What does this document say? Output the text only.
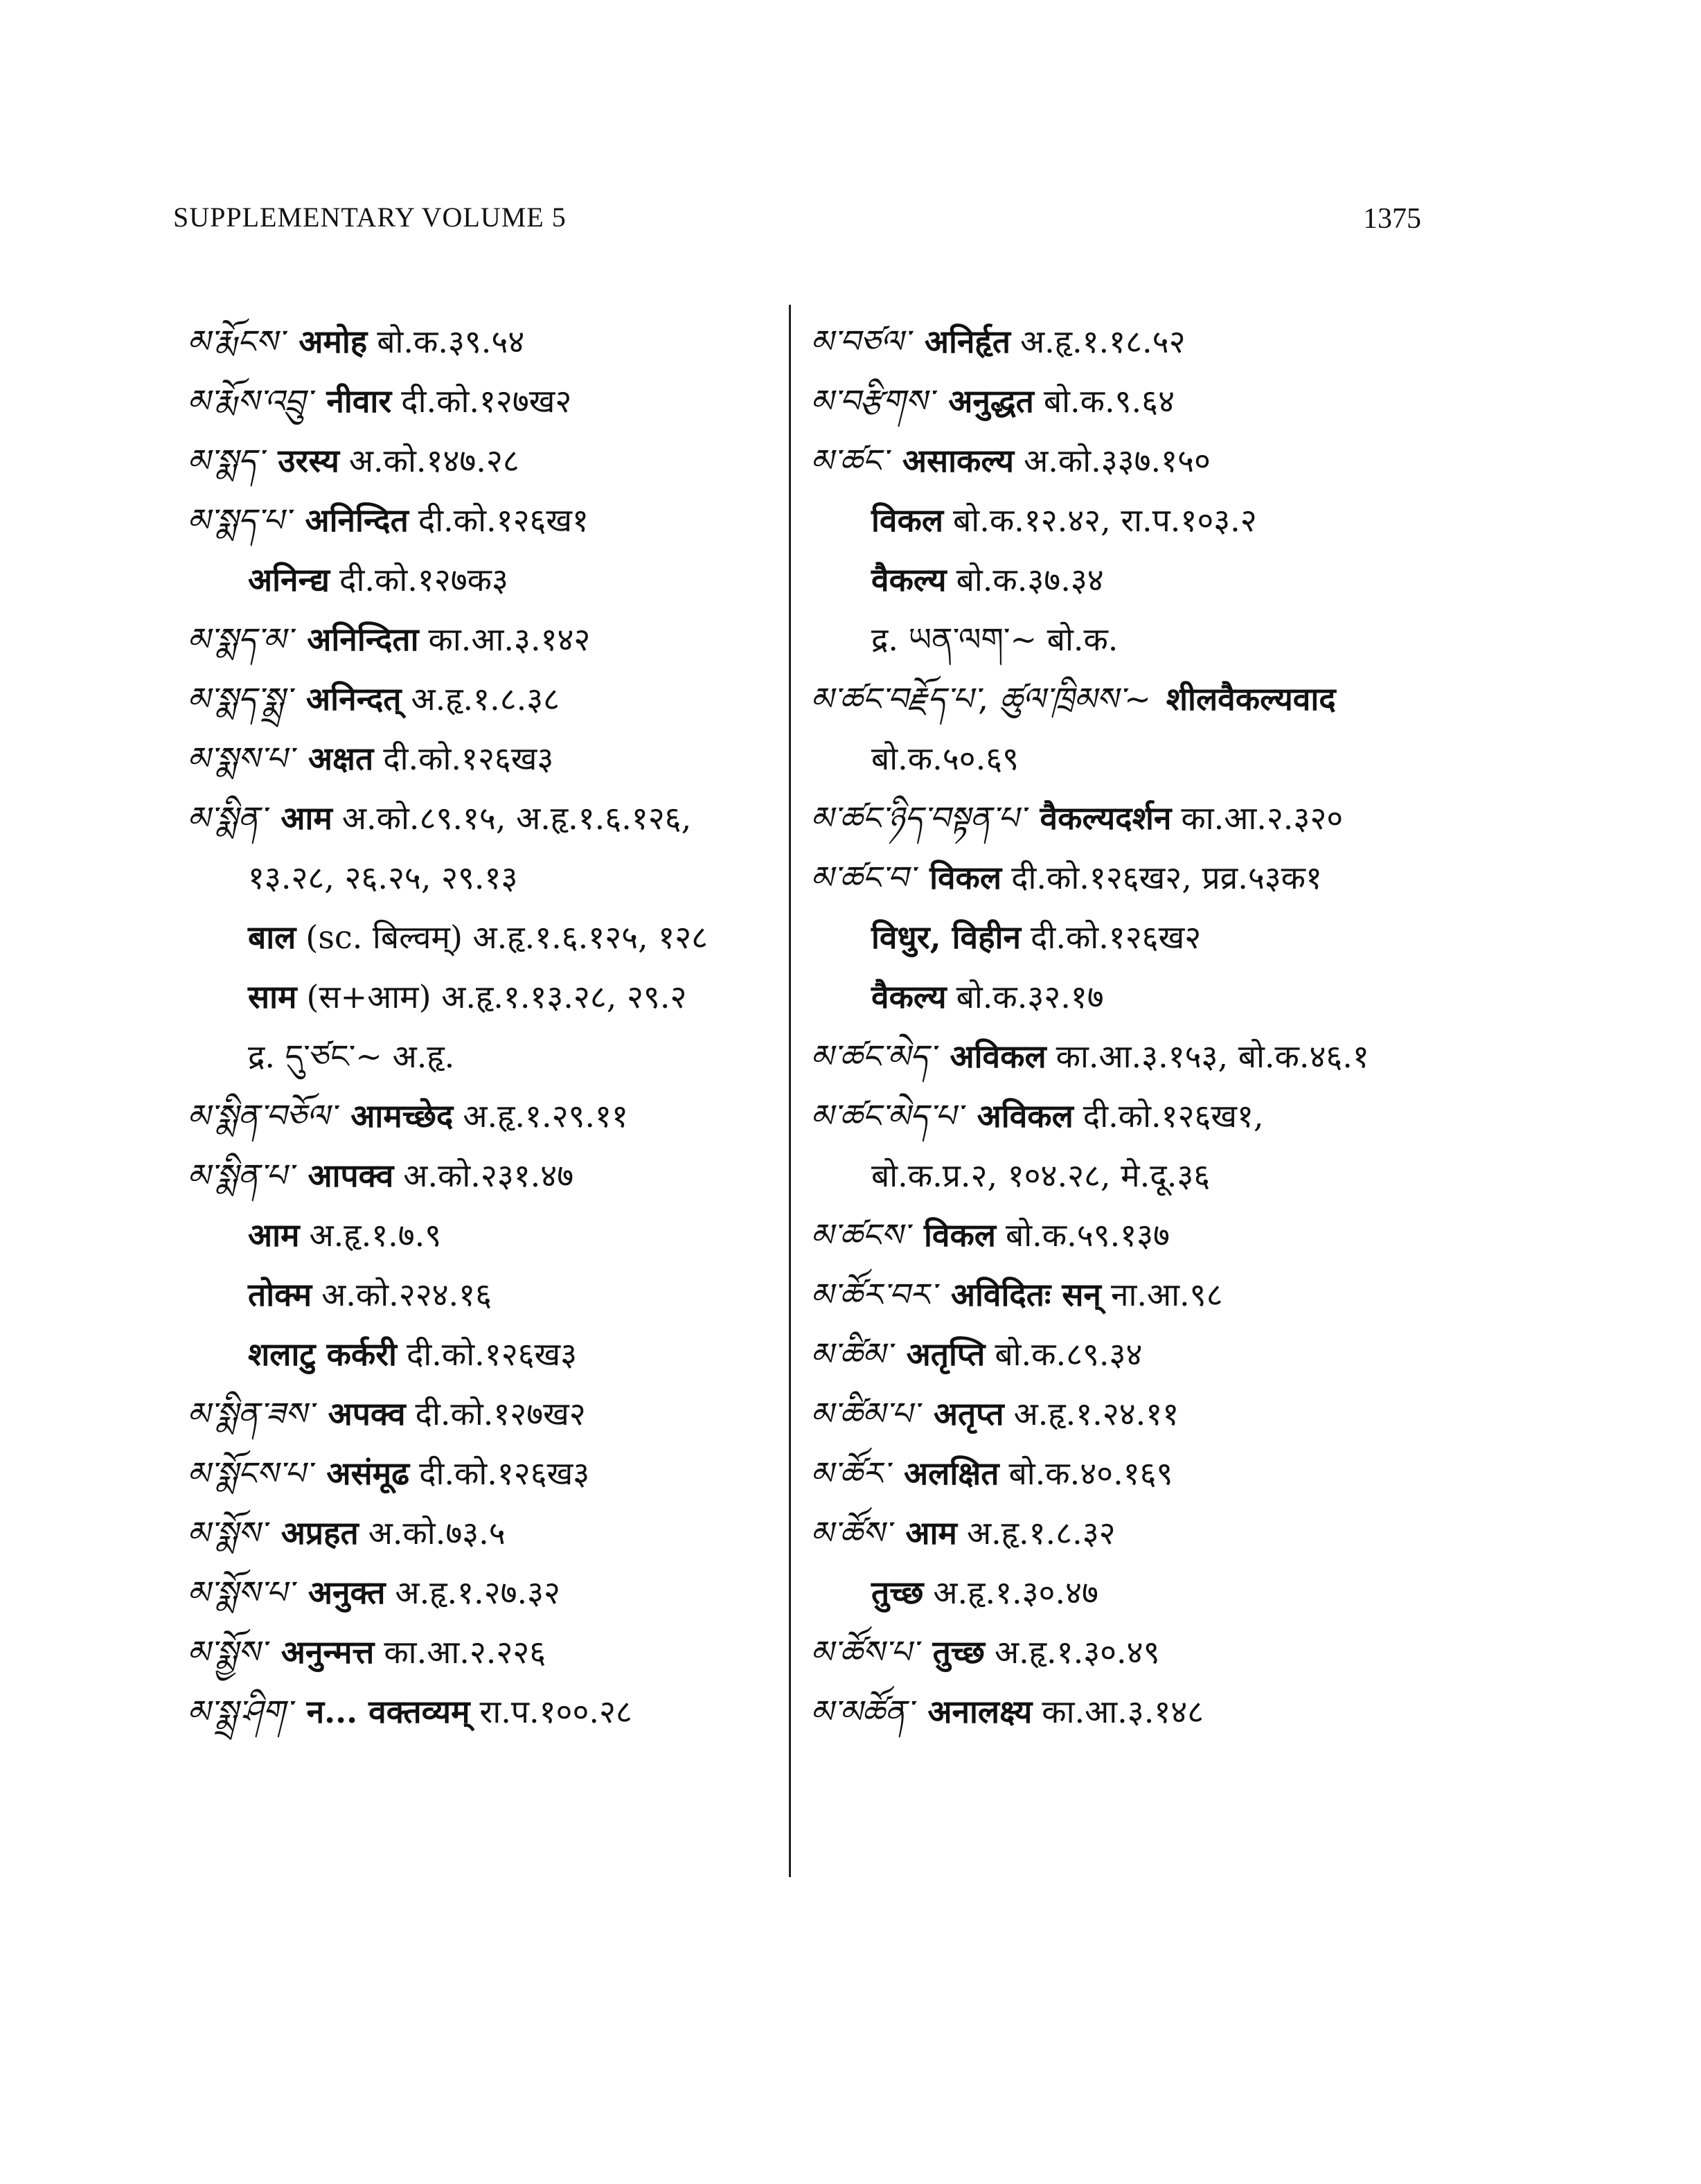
SUPPLEMENTARY VOLUME 5	1375
མ་རྨོངས་ अमोह बो.क.३९.५४
མ་རྨོས་འབྲུ་ नीवार दी.को.१२७ख२
མ་སྨད་ उरस्य अ.को.१४७.२८
མ་སྨད་པ་ अनिन्दित दी.को.१२६ख१
अनिन्द्य दी.को.१२७क३
མ་སྨད་མ་ अनिन्दिता का.आ.३.१४२
མ་སྨད་སྨྲ་ अनिन्दत् अ.हृ.१.८.३८
མ་སྨས་པ་ अक्षत दी.को.१२६ख३
མ་སྨིན་ आम अ.को.८९.१५, अ.हृ.१.६.१२६,
१३.२८, २६.२५, २९.१३
बाल (sc. बिल्वम्) अ.हृ.१.६.१२५, १२८
साम (स+आम) अ.हृ.१.१३.२८, २९.२
द्र. དུ་ཙང་~ अ.हृ.
མ་སྨིན་བཅོལ་ आमच्छेद अ.हृ.१.२९.११
མ་སྨིན་པ་ आपक्व अ.को.२३१.४७
आम अ.हृ.१.७.९
तोक्म अ.को.२२४.१६
शलाटु कर्करी दी.को.१२६ख३
མ་སྨིན་ཟས་ अपक्व दी.को.१२७ख२
མ་སྨོངས་པ་ असंमूढ दी.को.१२६ख३
མ་སྨོས་ अप्रहत अ.को.७३.५
མ་སྨོས་པ་ अनुक्त अ.हृ.१.२७.३२
མ་སྨྱོས་ अनुन्मत्त का.आ.२.२२६
མ་སྨྲ་ཤིག་ न... वक्तव्यम् रा.प.१००.२८
མ་བཙལ་ अनिर्हृत अ.हृ.१.१८.५२
མ་བརྩིགས་ अनुद्धत बो.क.९.६४
མ་ཚང་ असाकल्य अ.को.३३७.१५०
विकल बो.क.१२.४२, रा.प.१०३.२
वैकल्य बो.क.३७.३४
द्र. ཡན་ལག་~ बो.क.
མ་ཚང་བརྗོད་པ་, ཚུལ་ཁྲིམས་~ शीलवैकल्यवाद
बो.क.५०.६९
མ་ཚང་ཉིད་བསྟན་པ་ वैकल्यदर्शन का.आ.२.३२०
མ་ཚང་བ་ विकल दी.को.१२६ख२, प्रव्र.५३क१
विधुर, विहीन दी.को.१२६ख२
वैकल्य बो.क.३२.१७
མ་ཚང་མེད་ अविकल का.आ.३.१५३, बो.क.४६.१
མ་ཚང་མེད་པ་ अविकल दी.को.१२६ख१,
बो.क.प्र.२, १०४.२८, मे.दू.३६
མ་ཚངས་ विकल बो.क.५९.१३७
མ་ཚོར་བར་ अविदितः सन् ना.आ.९८
མ་ཚིམ་ अतृप्ति बो.क.८९.३४
མ་ཚིམ་པ་ अतृप्त अ.हृ.१.२४.११
མ་ཚོར་ अलक्षित बो.क.४०.१६९
མ་ཚོས་ आम अ.हृ.१.८.३२
तुच्छ अ.हृ.१.३०.४७
མ་ཚོས་པ་ तुच्छ अ.हृ.१.३०.४९
མ་མཚོན་ अनालक्ष्य का.आ.३.१४८
